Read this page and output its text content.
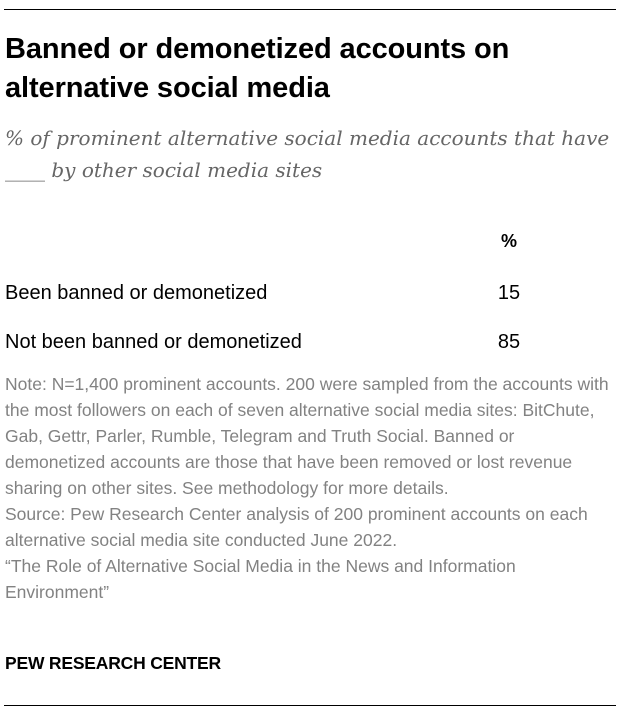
Banned or demonetized accounts on alternative social media

% of prominent alternative social media accounts that have ____ by other social media sites

%
Been banned or demonetized	15
Not been banned or demonetized	85

Note: N=1,400 prominent accounts. 200 were sampled from the accounts with the most followers on each of seven alternative social media sites: BitChute, Gab, Gettr, Parler, Rumble, Telegram and Truth Social. Banned or demonetized accounts are those that have been removed or lost revenue sharing on other sites. See methodology for more details.

Source: Pew Research Center analysis of 200 prominent accounts on each alternative social media site conducted June 2022.

“The Role of Alternative Social Media in the News and Information Environment”

PEW RESEARCH CENTER
